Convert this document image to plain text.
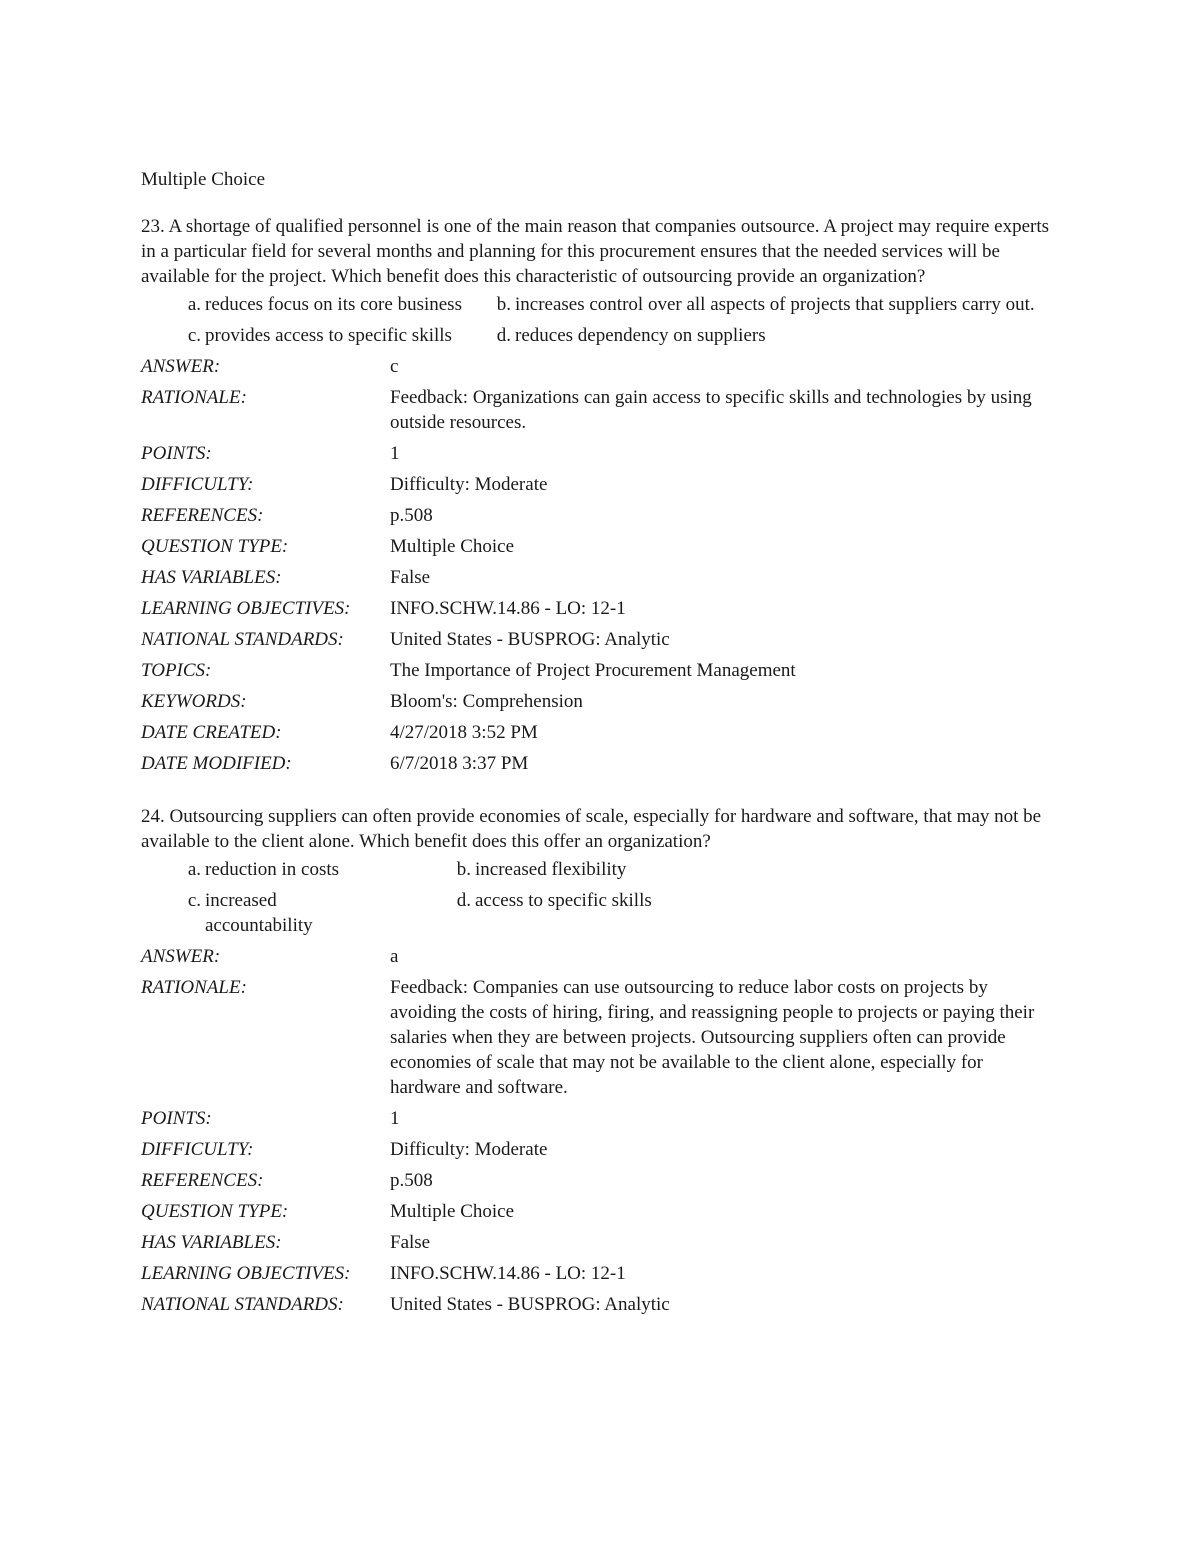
Multiple Choice

23. A shortage of qualified personnel is one of the main reason that companies outsource. A project may require experts in a particular field for several months and planning for this procurement ensures that the needed services will be available for the project. Which benefit does this characteristic of outsourcing provide an organization?

a. reduces focus on its core business	b. increases control over all aspects of projects that suppliers carry out.
c. provides access to specific skills	d. reduces dependency on suppliers
ANSWER:	c
RATIONALE:	Feedback: Organizations can gain access to specific skills and technologies by using outside resources.
POINTS:	1
DIFFICULTY:	Difficulty: Moderate
REFERENCES:	p.508
QUESTION TYPE:	Multiple Choice
HAS VARIABLES:	False
LEARNING OBJECTIVES:	INFO.SCHW.14.86 - LO: 12-1
NATIONAL STANDARDS:	United States - BUSPROG: Analytic
TOPICS:	The Importance of Project Procurement Management
KEYWORDS:	Bloom's: Comprehension
DATE CREATED:	4/27/2018 3:52 PM
DATE MODIFIED:	6/7/2018 3:37 PM

24. Outsourcing suppliers can often provide economies of scale, especially for hardware and software, that may not be available to the client alone. Which benefit does this offer an organization?

a. reduction in costs	b. increased flexibility
c. increased accountability
d. access to specific skills
ANSWER:	a
RATIONALE:	Feedback: Companies can use outsourcing to reduce labor costs on projects by avoiding the costs of hiring, firing, and reassigning people to projects or paying their salaries when they are between projects. Outsourcing suppliers often can provide economies of scale that may not be available to the client alone, especially for hardware and software.
POINTS:	1
DIFFICULTY:	Difficulty: Moderate
REFERENCES:	p.508
QUESTION TYPE:	Multiple Choice
HAS VARIABLES:	False
LEARNING OBJECTIVES:	INFO.SCHW.14.86 - LO: 12-1
NATIONAL STANDARDS:	United States - BUSPROG: Analytic
